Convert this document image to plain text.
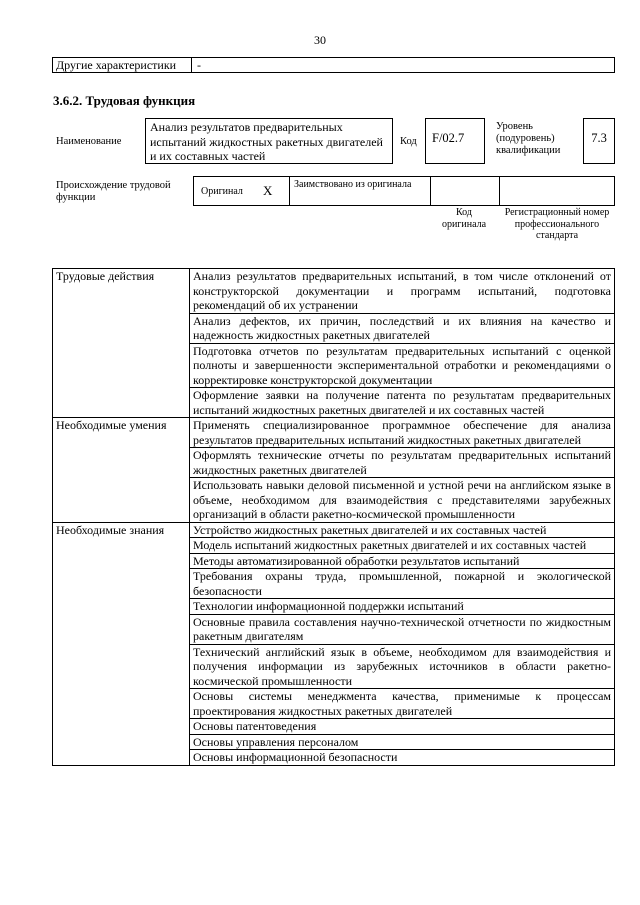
30
Другие характеристики -
3.6.2. Трудовая функция
Наименование
Анализ результатов предварительных испытаний жидкостных ракетных двигателей и их составных частей
Код	F/02.7
Уровень (подуровень) квалификации
7.3
Происхождение трудовой функции
Оригинал X	Заимствовано из оригинала
Код оригинала
Регистрационный номер профессионального стандарта
Трудовые действия	Анализ результатов предварительных испытаний, в том числе отклонений от конструкторской документации и программ испытаний, подготовка рекомендаций об их устранении
	Анализ дефектов, их причин, последствий и их влияния на качество и надежность жидкостных ракетных двигателей
	Подготовка отчетов по результатам предварительных испытаний с оценкой полноты и завершенности экспериментальной отработки и рекомендациями о корректировке конструкторской документации
	Оформление заявки на получение патента по результатам предварительных испытаний жидкостных ракетных двигателей и их составных частей
Необходимые умения	Применять специализированное программное обеспечение для анализа результатов предварительных испытаний жидкостных ракетных двигателей
	Оформлять технические отчеты по результатам предварительных испытаний жидкостных ракетных двигателей
	Использовать навыки деловой письменной и устной речи на английском языке в объеме, необходимом для взаимодействия с представителями зарубежных организаций в области ракетно-космической промышленности
Необходимые знания	Устройство жидкостных ракетных двигателей и их составных частей
	Модель испытаний жидкостных ракетных двигателей и их составных частей
	Методы автоматизированной обработки результатов испытаний
	Требования охраны труда, промышленной, пожарной и экологической безопасности
	Технологии информационной поддержки испытаний
	Основные правила составления научно-технической отчетности по жидкостным ракетным двигателям
	Технический английский язык в объеме, необходимом для взаимодействия и получения информации из зарубежных источников в области ракетно-космической промышленности
	Основы системы менеджмента качества, применимые к процессам проектирования жидкостных ракетных двигателей
	Основы патентоведения
	Основы управления персоналом
	Основы информационной безопасности
